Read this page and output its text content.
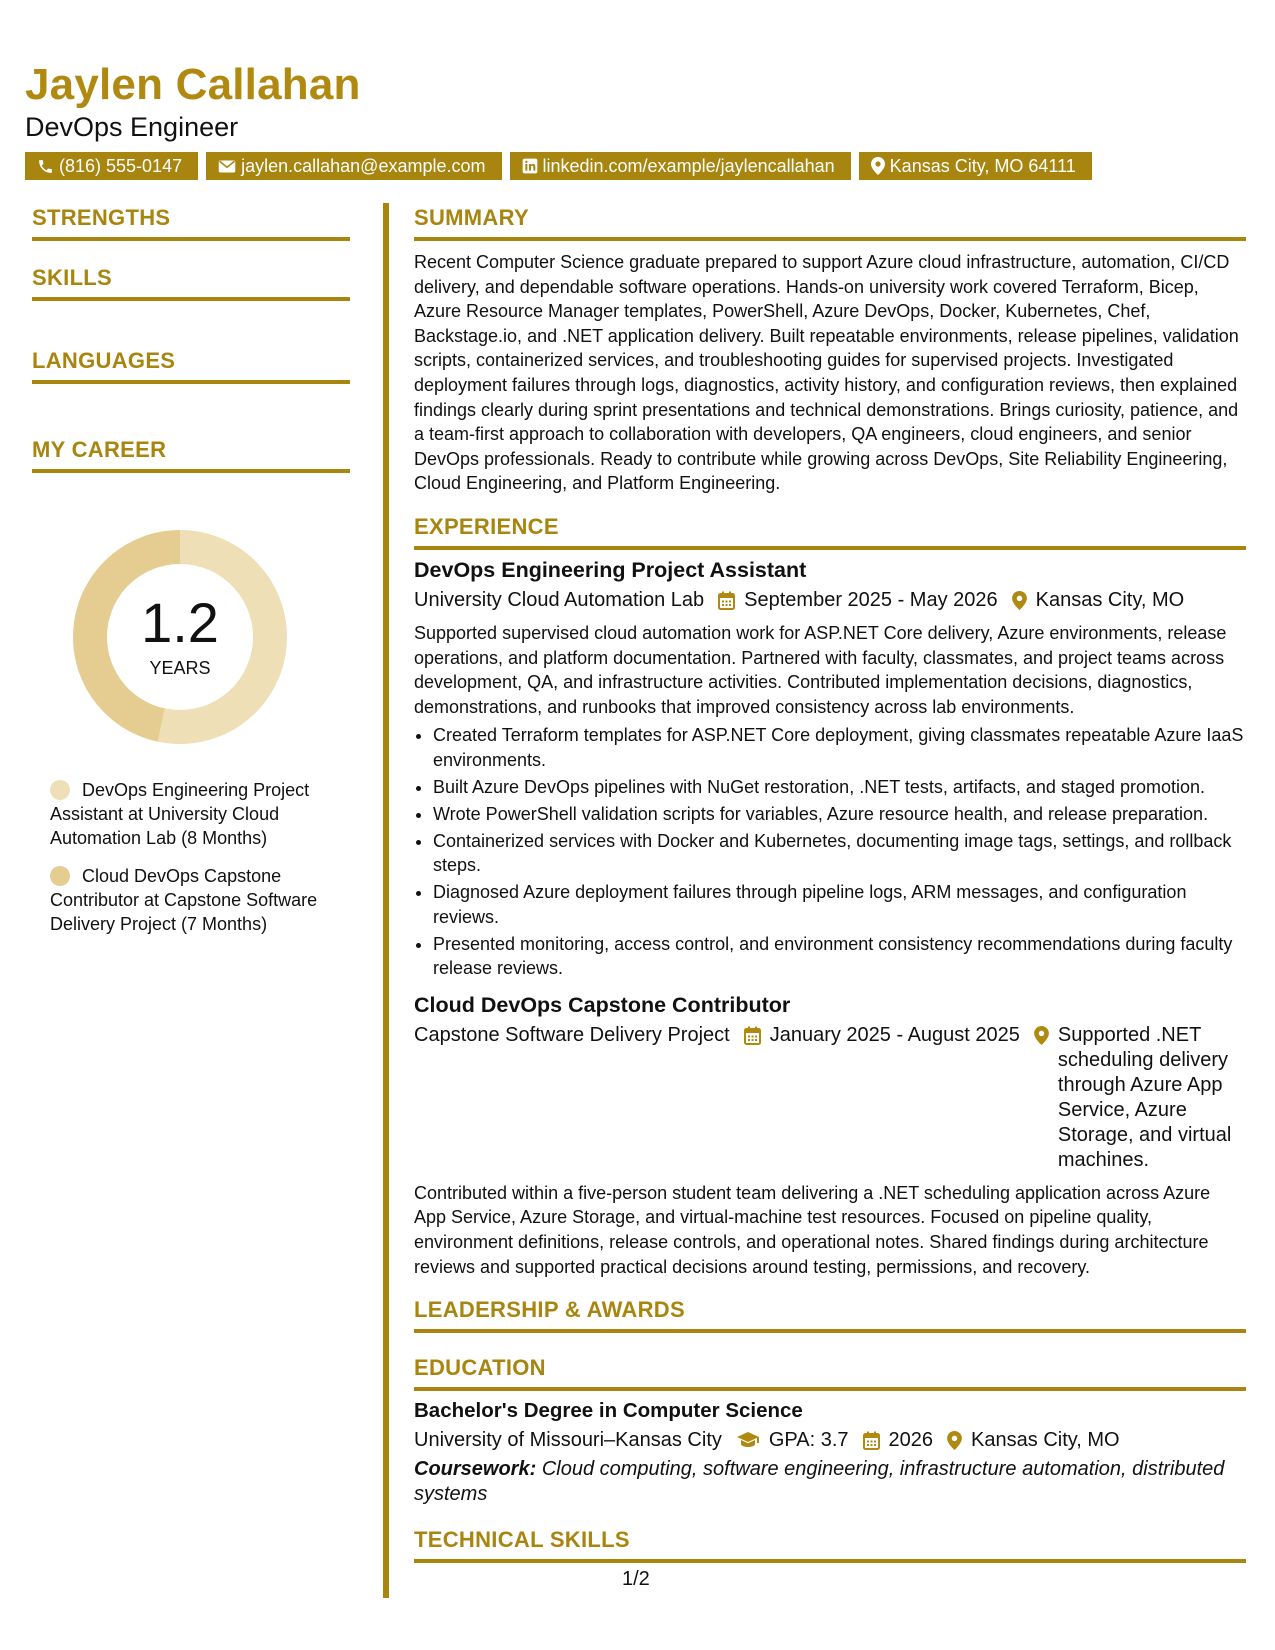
Jaylen Callahan
DevOps Engineer
(816) 555-0147	jaylen.callahan@example.com	linkedin.com/example/jaylencallahan	Kansas City, MO 64111
STRENGTHS
SKILLS
LANGUAGES
MY CAREER
1.2
YEARS
DevOps Engineering Project Assistant at University Cloud Automation Lab (8 Months)
Cloud DevOps Capstone Contributor at Capstone Software Delivery Project (7 Months)
SUMMARY
Recent Computer Science graduate prepared to support Azure cloud infrastructure, automation, CI/CD delivery, and dependable software operations. Hands-on university work covered Terraform, Bicep, Azure Resource Manager templates, PowerShell, Azure DevOps, Docker, Kubernetes, Chef, Backstage.io, and .NET application delivery. Built repeatable environments, release pipelines, validation scripts, containerized services, and troubleshooting guides for supervised projects. Investigated deployment failures through logs, diagnostics, activity history, and configuration reviews, then explained findings clearly during sprint presentations and technical demonstrations. Brings curiosity, patience, and a team-first approach to collaboration with developers, QA engineers, cloud engineers, and senior DevOps professionals. Ready to contribute while growing across DevOps, Site Reliability Engineering, Cloud Engineering, and Platform Engineering.
EXPERIENCE
DevOps Engineering Project Assistant
University Cloud Automation Lab September 2025 - May 2026 Kansas City, MO
Supported supervised cloud automation work for ASP.NET Core delivery, Azure environments, release operations, and platform documentation. Partnered with faculty, classmates, and project teams across development, QA, and infrastructure activities. Contributed implementation decisions, diagnostics, demonstrations, and runbooks that improved consistency across lab environments.
• Created Terraform templates for ASP.NET Core deployment, giving classmates repeatable Azure IaaS environments.
• Built Azure DevOps pipelines with NuGet restoration, .NET tests, artifacts, and staged promotion.
• Wrote PowerShell validation scripts for variables, Azure resource health, and release preparation.
• Containerized services with Docker and Kubernetes, documenting image tags, settings, and rollback steps.
• Diagnosed Azure deployment failures through pipeline logs, ARM messages, and configuration reviews.
• Presented monitoring, access control, and environment consistency recommendations during faculty release reviews.
Cloud DevOps Capstone Contributor
Capstone Software Delivery Project January 2025 - August 2025 Supported .NET scheduling delivery through Azure App Service, Azure Storage, and virtual machines.
Contributed within a five-person student team delivering a .NET scheduling application across Azure App Service, Azure Storage, and virtual-machine test resources. Focused on pipeline quality, environment definitions, release controls, and operational notes. Shared findings during architecture reviews and supported practical decisions around testing, permissions, and recovery.
LEADERSHIP & AWARDS
EDUCATION
Bachelor's Degree in Computer Science
University of Missouri–Kansas City GPA: 3.7 2026 Kansas City, MO
Coursework: Cloud computing, software engineering, infrastructure automation, distributed systems
TECHNICAL SKILLS
1/2
